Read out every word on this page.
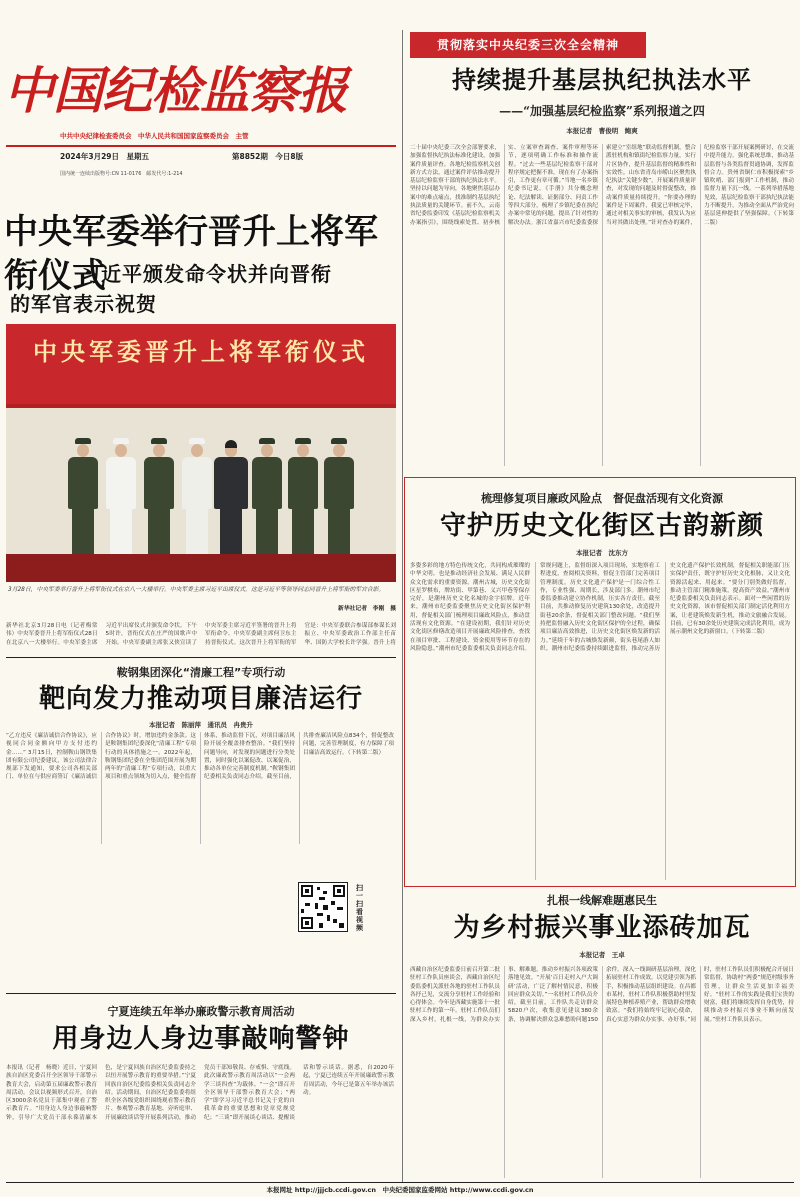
中国纪检监察报
中共中央纪律检查委员会　中华人民共和国国家监察委员会　主管
2024年3月29日　星期五	第8852期　今日8版
国内统一连续出版物号:CN 11-0176　邮发代号:1-214
中央军委举行晋升上将军衔仪式
习近平颁发命令状并向晋衔
的军官表示祝贺
中央军委晋升上将军衔仪式
3月28日，中央军委举行晋升上将军衔仪式在京八一大楼举行。中央军委主席习近平出席仪式。这是习近平等领导同志同晋升上将军衔的军官合影。
新华社记者　李刚　摄
新华社北京3月28日电（记者梅常伟）中央军委晋升上将军衔仪式28日在北京八一大楼举行。中央军委主席习近平出席仪式并颁发命令状。下午5时许，晋衔仪式在庄严的国歌声中开始。中央军委副主席张又侠宣读了中央军委主席习近平签署的晋升上将军衔命令。中央军委副主席何卫东主持晋衔仪式。这次晋升上将军衔的军官是：中央军委联合参谋部参谋长刘振立、中央军委政治工作部主任苗华、国防大学校长许学强。晋升上将
鞍钢集团深化“清廉工程”专项行动
靶向发力推动项目廉洁运行
本报记者　陈丽萍　通讯员　冉贵升
“乙方违反《廉洁诚信合作协议》，应视同合同金额向甲方支付违约金……” 3月15日，控制鞍山钢铁集团有限公司纪委建议，该公司法律合规部下发通知，要求公司各相关部门、单位在与供应商签订《廉洁诚信合作协议》时，增加违约金条款。这是鞍钢集团纪委深化“清廉工程”专项行动的具体措施之一。2022年起，鞍钢集团纪委在全集团范围开展为期两年的“清廉工程”专项行动，以重大项目和重点领域为切入点，健全监督体系，推动监督下沉，对项目廉洁风险开展全覆盖排查整治。“我们坚持问题导向，对发现的问题进行分类处置，同时强化以案促改、以案促治，推动各单位完善制度机制。”鞍钢集团纪委相关负责同志介绍。截至目前，共排查廉洁风险点834个，督促整改问题，完善管理制度，有力保障了项目廉洁高效运行。（下转第二版）
扫一扫看视频
宁夏连续五年举办廉政警示教育周活动
用身边人身边事敲响警钟
本报讯（记者　杨晓）近日，宁夏回族自治区党委召开全区领导干部警示教育大会，启动第五届廉政警示教育周活动。会议以视频形式召开，自治区3000余名党员干部集中观看了警示教育片。“用身边人身边事敲响警钟，引导广大党员干部永葆清廉本色，是宁夏回族自治区纪委监委持之以恒开展警示教育的重要举措。”宁夏回族自治区纪委监委相关负责同志介绍。活动期间，自治区纪委监委将组织全区各级党组织围绕观看警示教育片、参观警示教育基地、旁听庭审、开展廉政谈话等开展系列活动，推动党员干部知敬畏、存戒惧、守底线。此次廉政警示教育周活动以“一会两学三谈四查”为载体。“一会”即召开全区领导干部警示教育大会；“两学”即学习习近平总书记关于党的自我革命的重要思想和党章党规党纪；“三谈”即开展谈心谈话、提醒谈话和警示谈话。据悉，自2020年起，宁夏已连续五年开展廉政警示教育周活动，今年已是第五年举办该活动。
贯彻落实中央纪委三次全会精神
持续提升基层执纪执法水平
——“加强基层纪检监察”系列报道之四
本报记者　曹俊明　鲍爽
二十届中央纪委三次全会部署要求，加强监督执纪执法标准化建设，加强案件质量评查。各地纪检监察机关创新方式方法，通过案件评估推动提升基层纪检监察干部的执纪执法水平。坚持以问题为导向，各地聚焦基层办案中的难点痛点，找准制约基层执纪执法质量的关键环节。前不久，云南省纪委监委印发《基层纪检监察机关办案指引》，围绕线索处置、初步核实、立案审查调查、案件审理等环节，逐项明确工作标准和操作流程。“过去一些基层纪检监察干部对程序规定把握不准，现在有了办案指引，工作更有章可循。”当地一名乡镇纪委书记说。《手册》共分概念理论、纪法解读、证据部分、问责工作等四大部分，梳理了乡镇纪委在执纪办案中常见的问题，提出了针对性的解决办法。浙江省嘉兴市纪委监委探索建立“室组地”联动监督机制，整合派驻机构和镇街纪检监察力量，实行片区协作，提升基层监督的精准性和实效性。山东省青岛市崂山区聚焦执纪执法“关键少数”，开展案件质量评查，对发现的问题及时督促整改，推动案件质量持续提升。“你要办理的案件是下周案件，我觉已审核完毕，通过对相关事实的审核，我发认为应当对其做出处理。”针对查办的案件，纪检监察干部开展案例研讨，在交流中提升能力。强化系统思维，推动基层监督与各类监督贯通协调，发挥监督合力。贵州省铜仁市积极探索“乡镇吹哨、部门报到”工作机制，推动监督力量下沉一线。一系列举措落地见效，基层纪检监察干部执纪执法能力不断提升，为推动全面从严治党向基层延伸提供了坚强保障。（下转第二版）
梳理修复项目廉政风险点　督促盘活现有文化资源
守护历史文化街区古韵新颜
本报记者　沈东方
多姿多彩的地方特色传统文化，共同构成璀璨的中华文明。也是推动经济社会发展、满足人民群众文化需求的重要资源。潮州古城，历史文化街区星罗棋布，牌坊街、甲第巷、义兴甲巷等保存完好，是潮州历史文化名城的金字招牌。近年来，潮州市纪委监委聚焦历史文化街区保护利用，督促相关部门梳理项目廉政风险点，推动盘活现有文化资源。“在建设初期，我们针对历史文化街区修缮改造项目开展廉政风险排查，查找在项目审批、工程建设、资金使用等环节存在的风险隐患。”潮州市纪委监委相关负责同志介绍。常规问题上，监督组深入项目现场，实地察看工程进度，查阅相关资料，督促主管部门完善项目管理制度。历史文化遗产保护是一门综合性工作，专业性强、周期长，涉及部门多。潮州市纪委监委推动建立协作机制，压实各方责任。截至目前，共推动修复历史建筑130余处，改造提升街巷20余条，督促相关部门整改问题。“我们坚持把监督融入历史文化街区保护的全过程，确保项目廉洁高效推进，让历史文化街区焕发新的活力。”延续千年的古城焕发新颜，街头巷尾游人如织。潮州市纪委监委持续跟进监督，推动完善历史文化遗产保护长效机制，督促相关职能部门压实保护责任，既守护好历史文化根脉，又让文化资源活起来、用起来。“要分门别类做好监督，推动主管部门精准施策，提高资产效益。”潮州市纪委监委相关负责同志表示。面对一些闲置的历史文化资源，该市督促相关部门制定活化利用方案，让老建筑焕发新生机，推动文旅融合发展。目前，已有30余处历史建筑完成活化利用，成为展示潮州文化的新窗口。（下转第二版）
扎根一线解难题惠民生
为乡村振兴事业添砖加瓦
本报记者　王卓
西藏自治区纪委监委日前召开第二批驻村工作队员座谈会，西藏自治区纪委监委机关派驻各地的驻村工作队员各抒己见，交流分享驻村工作经验和心得体会。今年是西藏实施第十一批驻村工作的第一年。驻村工作队员们深入乡村，扎根一线，为群众办实事、解难题，推动乡村振兴各项政策落地见效。“开展‘百日走村入户大调研’活动，广泛了解村情民意，积极回应群众关切。”一名驻村工作队员介绍，截至目前，工作队共走访群众5820户次，收集意见建议380余条，协调解决群众急难愁盼问题150余件。深入一线调研基层治理，深化拓展驻村工作成效。以党建引领为抓手，积极推动基层组织建设。在昌都市某村，驻村工作队积极帮助村里发展特色种植养殖产业，帮助群众增收致富。“我们将始终牢记初心使命，真心实意为群众办实事、办好事。”同时，驻村工作队员们积极配合开展日常监督，协助村“两委”规范村级事务管理，让群众生活更加幸福美好。“驻村工作的实践是我们宝贵的财富，我们将继续发挥自身优势，持续推动乡村振兴事业不断向前发展。”驻村工作队员表示。
本报网址 http://jjjcb.ccdi.gov.cn　中央纪委国家监委网站 http://www.ccdi.gov.cn
